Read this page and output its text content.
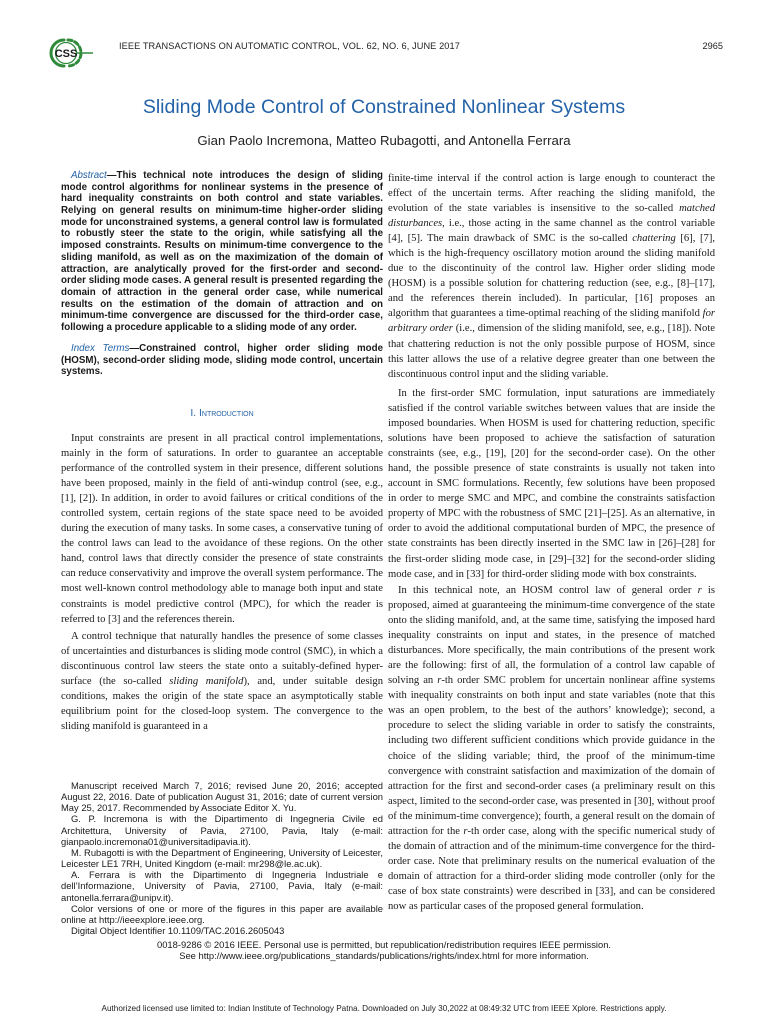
CSS
IEEE TRANSACTIONS ON AUTOMATIC CONTROL, VOL. 62, NO. 6, JUNE 2017	2965
Sliding Mode Control of Constrained Nonlinear Systems
Gian Paolo Incremona, Matteo Rubagotti, and Antonella Ferrara

Abstract—This technical note introduces the design of sliding mode control algorithms for nonlinear systems in the presence of hard inequality constraints on both control and state variables. Relying on general results on minimum-time higher-order sliding mode for unconstrained systems, a general control law is formulated to robustly steer the state to the origin, while satisfying all the imposed constraints. Results on minimum-time convergence to the sliding manifold, as well as on the maximization of the domain of attraction, are analytically proved for the first-order and second-order sliding mode cases. A general result is presented regarding the domain of attraction in the general order case, while numerical results on the estimation of the domain of attraction and on minimum-time convergence are discussed for the third-order case, following a procedure applicable to a sliding mode of any order.

Index Terms—Constrained control, higher order sliding mode (HOSM), second-order sliding mode, sliding mode control, uncertain systems.

I. Introduction

Input constraints are present in all practical control implementations, mainly in the form of saturations. In order to guarantee an acceptable performance of the controlled system in their presence, different solutions have been proposed, mainly in the field of anti-windup control (see, e.g., [1], [2]). In addition, in order to avoid failures or critical conditions of the controlled system, certain regions of the state space need to be avoided during the execution of many tasks. In some cases, a conservative tuning of the control laws can lead to the avoidance of these regions. On the other hand, control laws that directly consider the presence of state constraints can reduce conservativity and improve the overall system performance. The most well-known control methodology able to manage both input and state constraints is model predictive control (MPC), for which the reader is referred to [3] and the references therein.

A control technique that naturally handles the presence of some classes of uncertainties and disturbances is sliding mode control (SMC), in which a discontinuous control law steers the state onto a suitably-defined hyper-surface (the so-called sliding manifold), and, under suitable design conditions, makes the origin of the state space an asymptotically stable equilibrium point for the closed-loop system. The convergence to the sliding manifold is guaranteed in a

Manuscript received March 7, 2016; revised June 20, 2016; accepted August 22, 2016. Date of publication August 31, 2016; date of current version May 25, 2017. Recommended by Associate Editor X. Yu.

G. P. Incremona is with the Dipartimento di Ingegneria Civile ed Architettura, University of Pavia, 27100, Pavia, Italy (e-mail: gianpaolo.incremona01@universitadipavia.it).

M. Rubagotti is with the Department of Engineering, University of Leicester, Leicester LE1 7RH, United Kingdom (e-mail: mr298@le.ac.uk).

A. Ferrara is with the Dipartimento di Ingegneria Industriale e dell’Informazione, University of Pavia, 27100, Pavia, Italy (e-mail: antonella.ferrara@unipv.it).

Color versions of one or more of the figures in this paper are available online at http://ieeexplore.ieee.org.

Digital Object Identifier 10.1109/TAC.2016.2605043

finite-time interval if the control action is large enough to counteract the effect of the uncertain terms. After reaching the sliding manifold, the evolution of the state variables is insensitive to the so-called matched disturbances, i.e., those acting in the same channel as the control variable [4], [5]. The main drawback of SMC is the so-called chattering [6], [7], which is the high-frequency oscillatory motion around the sliding manifold due to the discontinuity of the control law. Higher order sliding mode (HOSM) is a possible solution for chattering reduction (see, e.g., [8]–[17], and the references therein included). In particular, [16] proposes an algorithm that guarantees a time-optimal reaching of the sliding manifold for arbitrary order (i.e., dimension of the sliding manifold, see, e.g., [18]). Note that chattering reduction is not the only possible purpose of HOSM, since this latter allows the use of a relative degree greater than one between the discontinuous control input and the sliding variable.

In the first-order SMC formulation, input saturations are immediately satisfied if the control variable switches between values that are inside the imposed boundaries. When HOSM is used for chattering reduction, specific solutions have been proposed to achieve the satisfaction of saturation constraints (see, e.g., [19], [20] for the second-order case). On the other hand, the possible presence of state constraints is usually not taken into account in SMC formulations. Recently, few solutions have been proposed in order to merge SMC and MPC, and combine the constraints satisfaction property of MPC with the robustness of SMC [21]–[25]. As an alternative, in order to avoid the additional computational burden of MPC, the presence of state constraints has been directly inserted in the SMC law in [26]–[28] for the first-order sliding mode case, in [29]–[32] for the second-order sliding mode case, and in [33] for third-order sliding mode with box constraints.

In this technical note, an HOSM control law of general order r is proposed, aimed at guaranteeing the minimum-time convergence of the state onto the sliding manifold, and, at the same time, satisfying the imposed hard inequality constraints on input and states, in the presence of matched disturbances. More specifically, the main contributions of the present work are the following: first of all, the formulation of a control law capable of solving an r-th order SMC problem for uncertain nonlinear affine systems with inequality constraints on both input and state variables (note that this was an open problem, to the best of the authors’ knowledge); second, a procedure to select the sliding variable in order to satisfy the constraints, including two different sufficient conditions which provide guidance in the choice of the sliding variable; third, the proof of the minimum-time convergence with constraint satisfaction and maximization of the domain of attraction for the first and second-order cases (a preliminary result on this aspect, limited to the second-order case, was presented in [30], without proof of the minimum-time convergence); fourth, a general result on the domain of attraction for the r-th order case, along with the specific numerical study of the domain of attraction and of the minimum-time convergence for the third-order case. Note that preliminary results on the numerical evaluation of the domain of attraction for a third-order sliding mode controller (only for the case of box state constraints) were described in [33], and can be considered now as particular cases of the proposed general formulation.

0018-9286 © 2016 IEEE. Personal use is permitted, but republication/redistribution requires IEEE permission.
See http://www.ieee.org/publications_standards/publications/rights/index.html for more information.
Authorized licensed use limited to: Indian Institute of Technology Patna. Downloaded on July 30,2022 at 08:49:32 UTC from IEEE Xplore. Restrictions apply.
